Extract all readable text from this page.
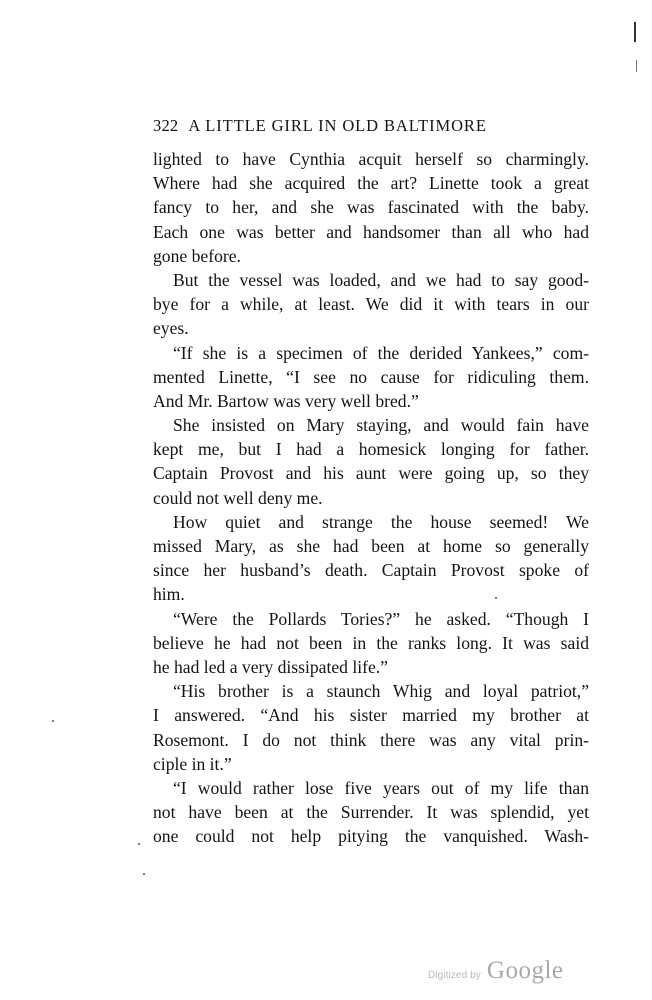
322 A LITTLE GIRL IN OLD BALTIMORE
lighted to have Cynthia acquit herself so charmingly.
Where had she acquired the art? Linette took a great
fancy to her, and she was fascinated with the baby.
Each one was better and handsomer than all who had
gone before.
But the vessel was loaded, and we had to say good-
bye for a while, at least. We did it with tears in our
eyes.
“If she is a specimen of the derided Yankees,” com-
mented Linette, “I see no cause for ridiculing them.
And Mr. Bartow was very well bred.”
She insisted on Mary staying, and would fain have
kept me, but I had a homesick longing for father.
Captain Provost and his aunt were going up, so they
could not well deny me.
How quiet and strange the house seemed! We
missed Mary, as she had been at home so generally
since her husband’s death. Captain Provost spoke of
him.
“Were the Pollards Tories?” he asked. “Though I
believe he had not been in the ranks long. It was said
he had led a very dissipated life.”
“His brother is a staunch Whig and loyal patriot,”
I answered. “And his sister married my brother at
Rosemont. I do not think there was any vital prin-
ciple in it.”
“I would rather lose five years out of my life than
not have been at the Surrender. It was splendid, yet
one could not help pitying the vanquished. Wash-
Digitized by Google
